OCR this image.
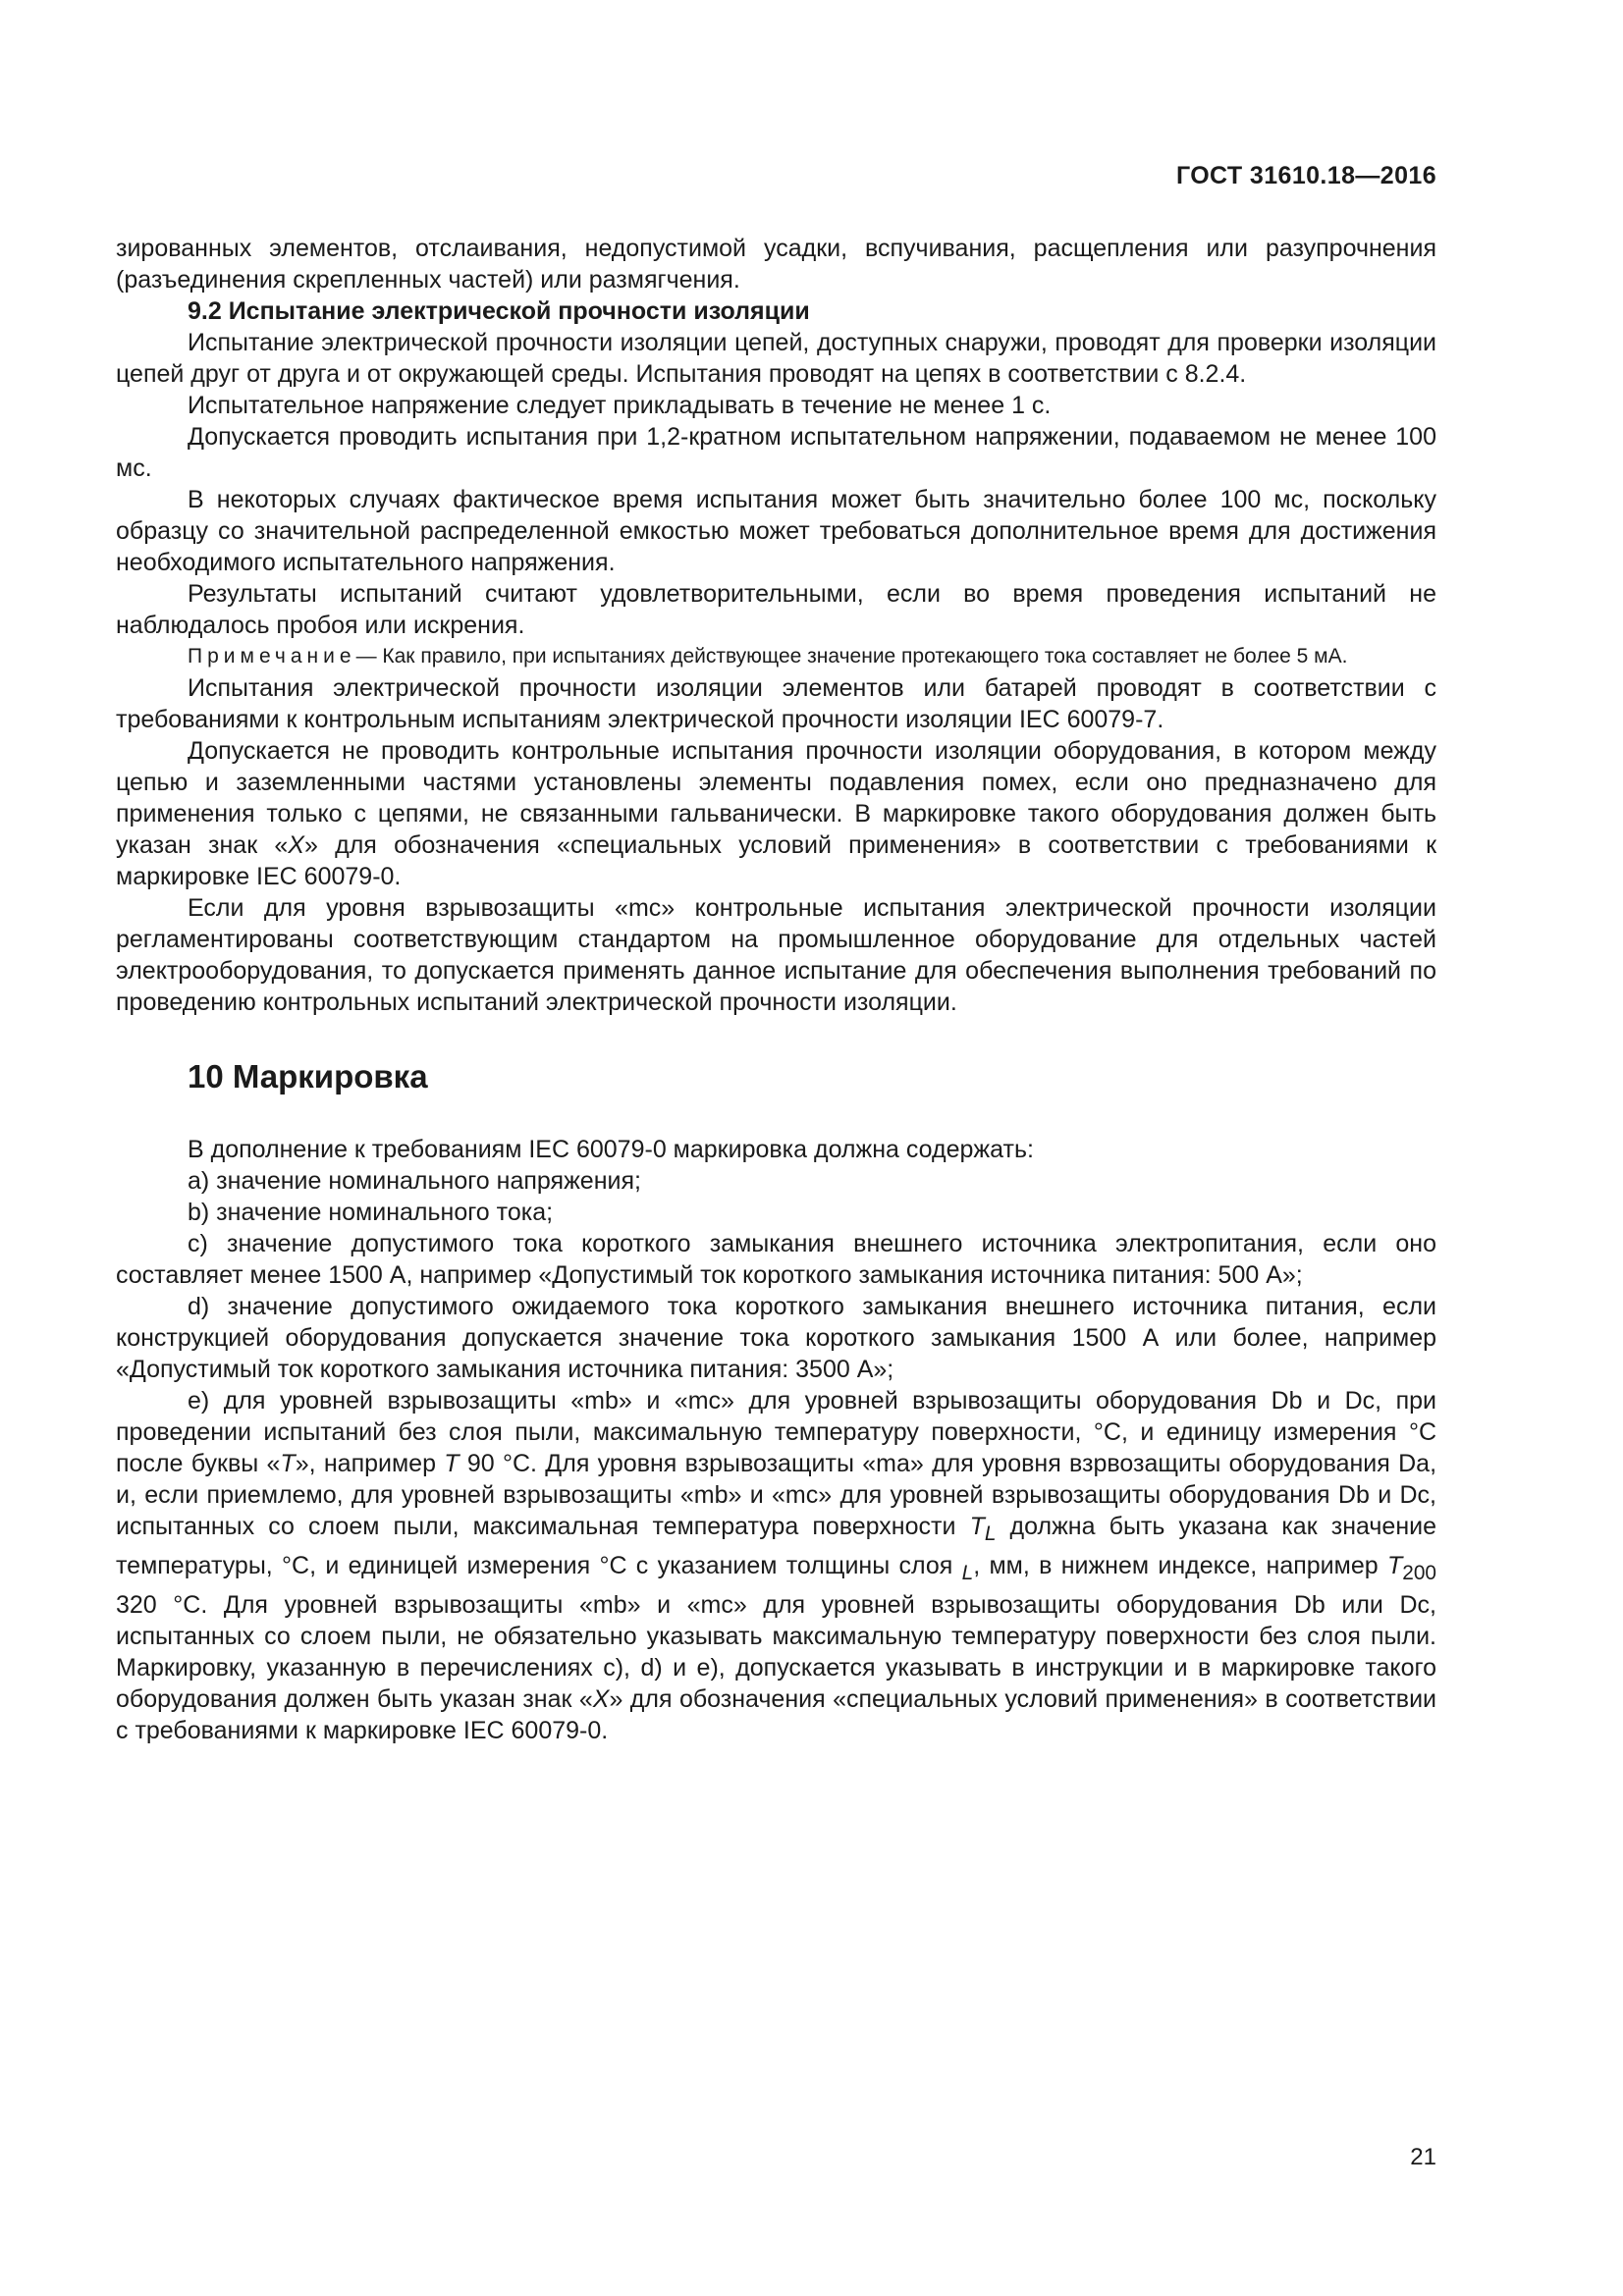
ГОСТ 31610.18—2016

зированных элементов, отслаивания, недопустимой усадки, вспучивания, расщепления или разупрочнения (разъединения скрепленных частей) или размягчения.

9.2 Испытание электрической прочности изоляции

Испытание электрической прочности изоляции цепей, доступных снаружи, проводят для проверки изоляции цепей друг от друга и от окружающей среды. Испытания проводят на цепях в соответствии с 8.2.4.

Испытательное напряжение следует прикладывать в течение не менее 1 с.

Допускается проводить испытания при 1,2-кратном испытательном напряжении, подаваемом не менее 100 мс.

В некоторых случаях фактическое время испытания может быть значительно более 100 мс, поскольку образцу со значительной распределенной емкостью может требоваться дополнительное время для достижения необходимого испытательного напряжения.

Результаты испытаний считают удовлетворительными, если во время проведения испытаний не наблюдалось пробоя или искрения.

Примечание— Как правило, при испытаниях действующее значение протекающего тока составляет не более 5 мА.

Испытания электрической прочности изоляции элементов или батарей проводят в соответствии с требованиями к контрольным испытаниям электрической прочности изоляции IEC 60079-7.

Допускается не проводить контрольные испытания прочности изоляции оборудования, в котором между цепью и заземленными частями установлены элементы подавления помех, если оно предназначено для применения только с цепями, не связанными гальванически. В маркировке такого оборудования должен быть указан знак «X» для обозначения «специальных условий применения» в соответствии с требованиями к маркировке IEC 60079-0.

Если для уровня взрывозащиты «mc» контрольные испытания электрической прочности изоляции регламентированы соответствующим стандартом на промышленное оборудование для отдельных частей электрооборудования, то допускается применять данное испытание для обеспечения выполнения требований по проведению контрольных испытаний электрической прочности изоляции.

10 Маркировка

В дополнение к требованиям IEC 60079-0 маркировка должна содержать:

a) значение номинального напряжения;

b) значение номинального тока;

c) значение допустимого тока короткого замыкания внешнего источника электропитания, если оно составляет менее 1500 А, например «Допустимый ток короткого замыкания источника питания: 500 А»;

d) значение допустимого ожидаемого тока короткого замыкания внешнего источника питания, если конструкцией оборудования допускается значение тока короткого замыкания 1500 А или более, например «Допустимый ток короткого замыкания источника питания: 3500 А»;

e) для уровней взрывозащиты «mb» и «mc» для уровней взрывозащиты оборудования Db и Dc, при проведении испытаний без слоя пыли, максимальную температуру поверхности, °С, и единицу измерения °С после буквы «T», например T 90 °С. Для уровня взрывозащиты «ma» для уровня взрвозащиты оборудования Da, и, если приемлемо, для уровней взрывозащиты «mb» и «mc» для уровней взрывозащиты оборудования Db и Dc, испытанных со слоем пыли, максимальная температура поверхности $T_L$ должна быть указана как значение температуры, °С, и единицей измерения °С с указанием толщины слоя $_L$, мм, в нижнем индексе, например $T_{200}$ 320 °С. Для уровней взрывозащиты «mb» и «mc» для уровней взрывозащиты оборудования Db или Dc, испытанных со слоем пыли, не обязательно указывать максимальную температуру поверхности без слоя пыли. Маркировку, указанную в перечислениях c), d) и e), допускается указывать в инструкции и в маркировке такого оборудования должен быть указан знак «X» для обозначения «специальных условий применения» в соответствии с требованиями к маркировке IEC 60079-0.

21
